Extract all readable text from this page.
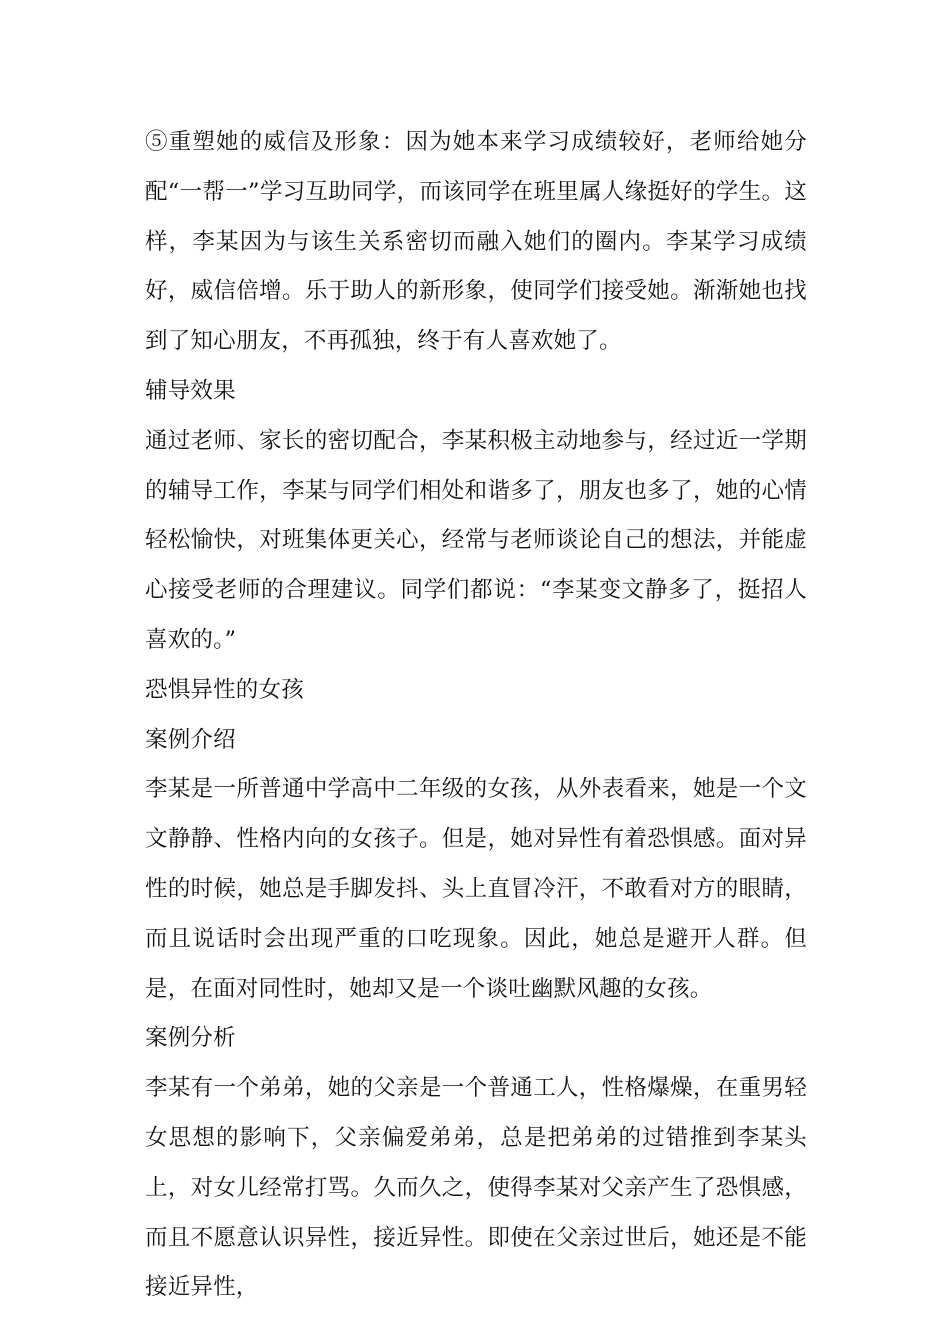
⑤重塑她的威信及形象：因为她本来学习成绩较好，老师给她分配“一帮一”学习互助同学，而该同学在班里属人缘挺好的学生。这样，李某因为与该生关系密切而融入她们的圈内。李某学习成绩好，威信倍增。乐于助人的新形象，使同学们接受她。渐渐她也找到了知心朋友，不再孤独，终于有人喜欢她了。

辅导效果

通过老师、家长的密切配合，李某积极主动地参与，经过近一学期的辅导工作，李某与同学们相处和谐多了，朋友也多了，她的心情轻松愉快，对班集体更关心，经常与老师谈论自己的想法，并能虚心接受老师的合理建议。同学们都说：“李某变文静多了，挺招人喜欢的。”

恐惧异性的女孩

案例介绍

李某是一所普通中学高中二年级的女孩，从外表看来，她是一个文文静静、性格内向的女孩子。但是，她对异性有着恐惧感。面对异性的时候，她总是手脚发抖、头上直冒冷汗，不敢看对方的眼睛，而且说话时会出现严重的口吃现象。因此，她总是避开人群。但是，在面对同性时，她却又是一个谈吐幽默风趣的女孩。

案例分析

李某有一个弟弟，她的父亲是一个普通工人，性格爆燥，在重男轻女思想的影响下，父亲偏爱弟弟，总是把弟弟的过错推到李某头上，对女儿经常打骂。久而久之，使得李某对父亲产生了恐惧感，而且不愿意认识异性，接近异性。即使在父亲过世后，她还是不能接近异性，
